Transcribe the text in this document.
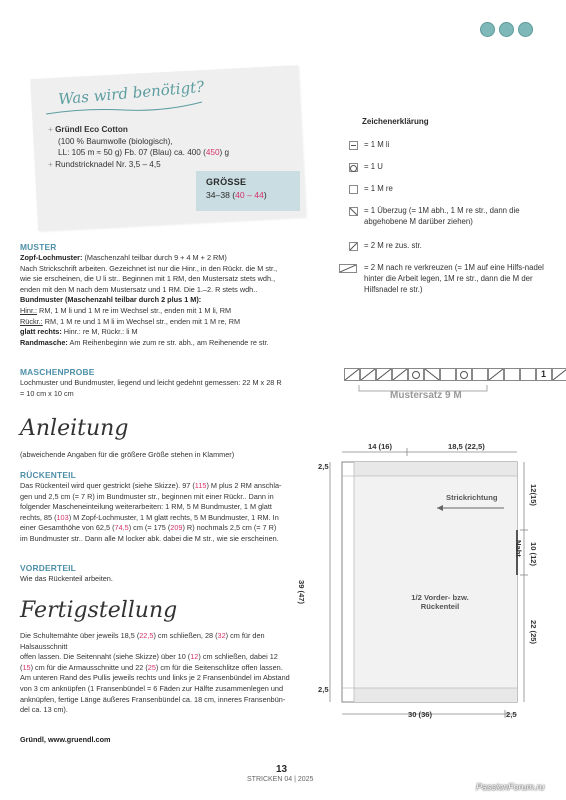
Was wird benötigt?
+ Gründl Eco Cotton
(100 % Baumwolle (biologisch),
LL: 105 m ≈ 50 g) Fb. 07 (Blau) ca. 400 (450) g
+ Rundstricknadel Nr. 3,5 – 4,5
GRÖSSE
34–38 (40 – 44)
Zeichenerklärung
= 1 M li
= 1 U
= 1 M re
= 1 Überzug (= 1M abh., 1 M re str., dann die abgehobene M darüber ziehen)
= 2 M re zus. str.
= 2 M nach re verkreuzen (= 1M auf eine Hilfs-nadel hinter die Arbeit legen, 1M re str., dann die M der Hilfsnadel re str.)
MUSTER
Zopf-Lochmuster: (Maschenzahl teilbar durch 9 + 4 M + 2 RM)
Nach Strickschrift arbeiten. Gezeichnet ist nur die Hinr., in den Rückr. die M str.,
wie sie erscheinen, die U li str.. Beginnen mit 1 RM, den Mustersatz stets wdh.,
enden mit den M nach dem Mustersatz und 1 RM. Die 1.–2. R stets wdh..
Bundmuster (Maschenzahl teilbar durch 2 plus 1 M):
Hinr.: RM, 1 M li und 1 M re im Wechsel str., enden mit 1 M li, RM
Rückr.: RM, 1 M re und 1 M li im Wechsel str., enden mit 1 M re, RM
glatt rechts: Hinr.: re M, Rückr.: li M
Randmasche: Am Reihenbeginn wie zum re str. abh., am Reihenende re str.
MASCHENPROBE
Lochmuster und Bundmuster, liegend und leicht gedehnt gemessen: 22 M x 28 R
= 10 cm x 10 cm
Anleitung
(abweichende Angaben für die größere Größe stehen in Klammer)
RÜCKENTEIL
Das Rückenteil wird quer gestrickt (siehe Skizze). 97 (115) M plus 2 RM anschla-
gen und 2,5 cm (= 7 R) im Bundmuster str., beginnen mit einer Rückr.. Dann in
folgender Mascheneinteilung weiterarbeiten: 1 RM, 5 M Bundmuster, 1 M glatt
rechts, 85 (103) M Zopf-Lochmuster, 1 M glatt rechts, 5 M Bundmuster, 1 RM. In
einer Gesamthöhe von 62,5 (74,5) cm (= 175 (209) R) nochmals 2,5 cm (= 7 R)
im Bundmuster str.. Dann alle M locker abk. dabei die M str., wie sie erscheinen.
VORDERTEIL
Wie das Rückenteil arbeiten.
Fertigstellung
Die Schulternähte über jeweils 18,5 (22,5) cm schließen, 28 (32) cm für den
Halsausschnitt
offen lassen. Die Seitennaht (siehe Skizze) über 10 (12) cm schließen, dabei 12
(15) cm für die Armausschnitte und 22 (25) cm für die Seitenschlitze offen lassen.
Am unteren Rand des Pullis jeweils rechts und links je 2 Fransenbündel im Abstand
von 3 cm anknüpfen (1 Fransenbündel = 6 Fäden zur Hälfte zusammenlegen und
anknüpfen, fertige Länge äußeres Fransenbündel ca. 18 cm, inneres Fransenbün-
del ca. 13 cm).
Gründl, www.gruendl.com
1
Mustersatz 9 M
14 (16)	18,5 (22,5)
2,5
2,5
39 (47)
12(15)
10 (12)
22 (25)
Naht
Strickrichtung
1/2 Vorder- bzw.
Rückenteil
30 (36)	2,5
13
STRICKEN 04 | 2025
PassionForum.ru
